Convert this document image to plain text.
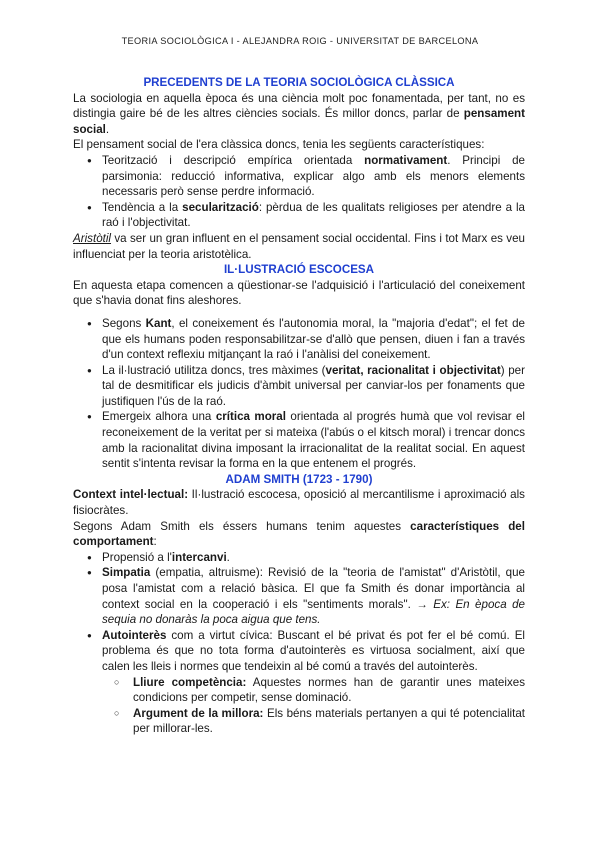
TEORIA SOCIOLÒGICA I - ALEJANDRA ROIG - UNIVERSITAT DE BARCELONA

PRECEDENTS DE LA TEORIA SOCIOLÒGICA CLÀSSICA

La sociologia en aquella època és una ciència molt poc fonamentada, per tant, no es distingia gaire bé de les altres ciències socials. És millor doncs, parlar de pensament social.

El pensament social de l'era clàssica doncs, tenia les següents característiques:

● Teorització i descripció empírica orientada normativament. Principi de parsimonia: reducció informativa, explicar algo amb els menors elements necessaris però sense perdre informació.
● Tendència a la secularització: pèrdua de les qualitats religioses per atendre a la raó i l'objectivitat.

Aristòtil va ser un gran influent en el pensament social occidental. Fins i tot Marx es veu influenciat per la teoria aristotèlica.

IL·LUSTRACIÓ ESCOCESA

En aquesta etapa comencen a qüestionar-se l'adquisició i l'articulació del coneixement que s'havia donat fins aleshores.

● Segons Kant, el coneixement és l'autonomia moral, la "majoria d'edat"; el fet de que els humans poden responsabilitzar-se d'allò que pensen, diuen i fan a través d'un context reflexiu mitjançant la raó i l'anàlisi del coneixement.
● La il·lustració utilitza doncs, tres màximes (veritat, racionalitat i objectivitat) per tal de desmitificar els judicis d'àmbit universal per canviar-los per fonaments que justifiquen l'ús de la raó.
● Emergeix alhora una crítica moral orientada al progrés humà que vol revisar el reconeixement de la veritat per si mateixa (l'abús o el kitsch moral) i trencar doncs amb la racionalitat divina imposant la irracionalitat de la realitat social. En aquest sentit s'intenta revisar la forma en la que entenem el progrés.

ADAM SMITH (1723 - 1790)

Context intel·lectual: Il·lustració escocesa, oposició al mercantilisme i aproximació als fisiocràtes.

Segons Adam Smith els éssers humans tenim aquestes característiques del comportament:

● Propensió a l'intercanvi.
● Simpatia (empatia, altruisme): Revisió de la "teoria de l'amistat" d'Aristòtil, que posa l'amistat com a relació bàsica. El que fa Smith és donar importància al context social en la cooperació i els "sentiments morals". → Ex: En època de sequia no donaràs la poca aigua que tens.
● Autointerès com a virtut cívica: Buscant el bé privat és pot fer el bé comú. El problema és que no tota forma d'autointerès es virtuosa socialment, així que calen les lleis i normes que tendeixin al bé comú a través del autointerès.
○ Lliure competència: Aquestes normes han de garantir unes mateixes condicions per competir, sense dominació.
○ Argument de la millora: Els béns materials pertanyen a qui té potencialitat per millorar-les.
